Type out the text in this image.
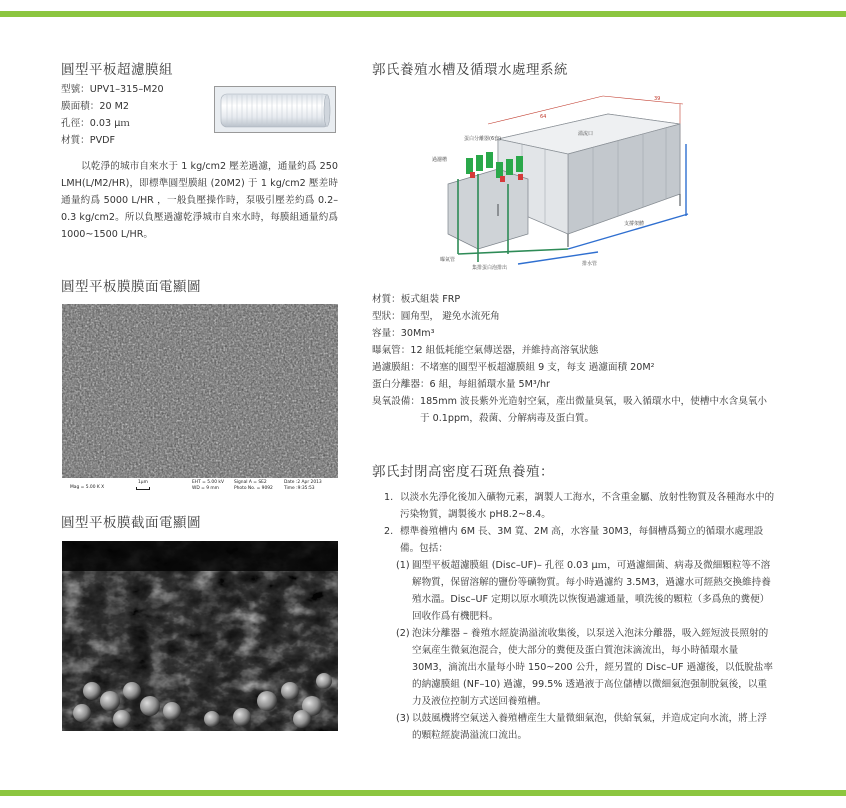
圓型平板超濾膜組
型號：UPV1–315–M20
膜面積：20 M2
孔徑：0.03 μｍ
材質：PVDF

以乾淨的城市自來水于 1 kg/cm2 壓差過濾，通量約爲 250 LMH(L/M2/HR)，即標準圓型膜組 (20M2) 于 1 kg/cm2 壓差時通量約爲 5000 L/HR ，一般負壓操作時，泵吸引壓差約爲 0.2–0.3 kg/cm2。所以負壓過濾乾淨城市自來水時，每膜組通量約爲 1000~1500 L/HR。

圓型平板膜膜面電顯圖
Mag = 5.00 K X
1μm	EHT = 5.00 kV
WD = 9 mm
Signal A = SE2
Photo No. = 9092
Date :2 Apr 2013
Time :9:35:53
圓型平板膜截面電顯圖
郭氏養殖水槽及循環水處理系統
39
64
蛋白分離器(6套)
溢流口
過濾槽
曝氣管
集排蛋白泡排出
支撐架體
排水管
材質：板式組裝 FRP
型狀：圓角型， 避免水流死角
容量：30Mm³
曝氣管：12 組低耗能空氣傳送器，并維持高溶氧狀態
過濾膜組：不堵塞的圓型平板超濾膜組 9 支，每支 過濾面積 20M²
蛋白分離器：6 組，每組循環水量 5M³/hr
臭氧設備： 185mm 波長紫外光造射空氣，產出微量臭氧，吸入循環水中，使槽中水含臭氧小于 0.1ppm，殺菌、分解病毒及蛋白質。
郭氏封閉高密度石斑魚養殖：
1. 以淡水先淨化後加入礦物元素，調製人工海水，不含重金屬、放射性物質及各種海水中的污染物質，調製後水 pH8.2~8.4。
2. 標準養殖槽内 6M 長、3M 寬、2M 高，水容量 30M3，每個槽爲獨立的循環水處理設備。包括：
(1) 圓型平板超濾膜組 (Disc–UF)– 孔徑 0.03 μｍ，可過濾細菌、病毒及微細顆粒等不溶解物質，保留溶解的鹽份等礦物質。每小時過濾約 3.5M3，過濾水可經熱交換維持養殖水溫。Disc–UF 定期以原水噴洗以恢復過濾通量，噴洗後的顆粒（多爲魚的糞便）回收作爲有機肥料。
(2) 泡沫分離器 – 養殖水經旋渦溢流收集後，以泵送入泡沫分離器，吸入經短波長照射的空氣産生微氣泡混合，使大部分的糞便及蛋白質泡沫滴流出，每小時循環水量 30M3，滴流出水量每小時 150~200 公升，經另置的 Disc–UF 過濾後，以低脫盐率的納濾膜組 (NF–10) 過濾，99.5% 透過液于高位儲槽以微細氣泡强制脫氣後，以重力及液位控制方式送回養殖槽。
(3) 以鼓風機將空氣送入養殖槽産生大量微細氣泡，供給氧氣，并造成定向水流，將上浮的顆粒經旋渦溢流口流出。
